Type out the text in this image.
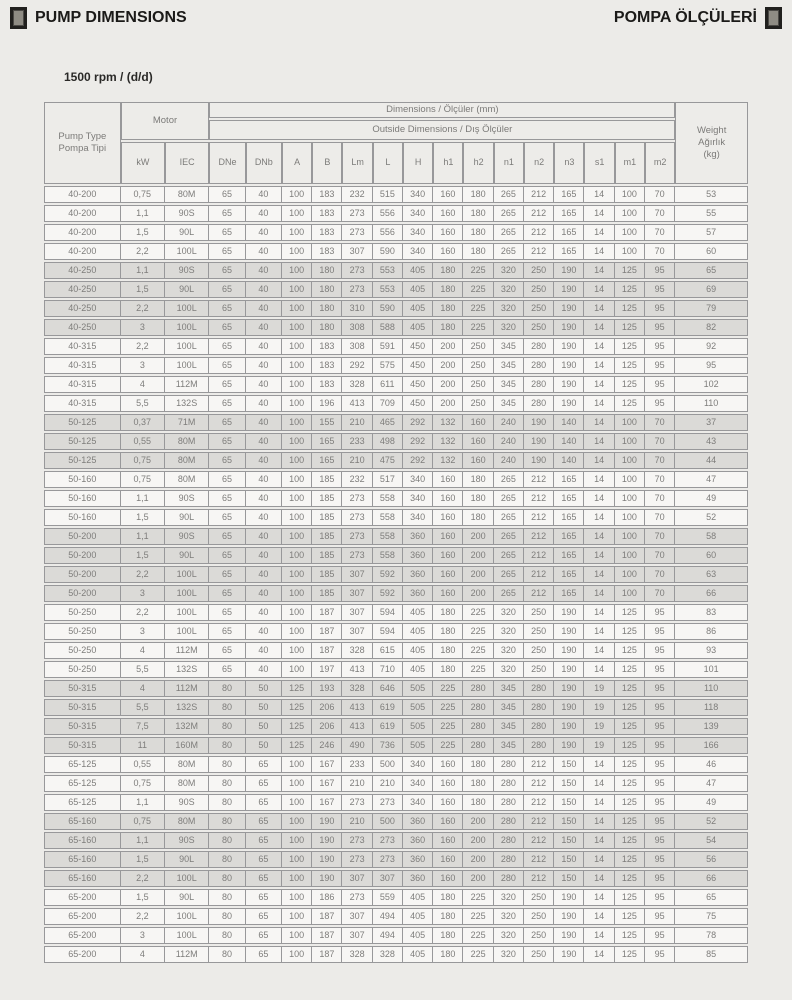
PUMP DIMENSIONS	POMPA ÖLÇÜLERİ
1500 rpm / (d/d)
Pump Type
Pompa Tipi
	Motor	Dimensions / Ölçüler (mm)	
Weight
Ağırlık
(kg)

			Outside Dimensions / Dış Ölçüler															
	kW	IEC	DNe	DNb	A	B	Lm	L	H	h1	h2	n1	n2	n3	s1	m1	m2	
40-200	0,75	80M	65	40	100	183	232	515	340	160	180	265	212	165	14	100	70	53
40-200	1,1	90S	65	40	100	183	273	556	340	160	180	265	212	165	14	100	70	55
40-200	1,5	90L	65	40	100	183	273	556	340	160	180	265	212	165	14	100	70	57
40-200	2,2	100L	65	40	100	183	307	590	340	160	180	265	212	165	14	100	70	60
40-250	1,1	90S	65	40	100	180	273	553	405	180	225	320	250	190	14	125	95	65
40-250	1,5	90L	65	40	100	180	273	553	405	180	225	320	250	190	14	125	95	69
40-250	2,2	100L	65	40	100	180	310	590	405	180	225	320	250	190	14	125	95	79
40-250	3	100L	65	40	100	180	308	588	405	180	225	320	250	190	14	125	95	82
40-315	2,2	100L	65	40	100	183	308	591	450	200	250	345	280	190	14	125	95	92
40-315	3	100L	65	40	100	183	292	575	450	200	250	345	280	190	14	125	95	95
40-315	4	112M	65	40	100	183	328	611	450	200	250	345	280	190	14	125	95	102
40-315	5,5	132S	65	40	100	196	413	709	450	200	250	345	280	190	14	125	95	110
50-125	0,37	71M	65	40	100	155	210	465	292	132	160	240	190	140	14	100	70	37
50-125	0,55	80M	65	40	100	165	233	498	292	132	160	240	190	140	14	100	70	43
50-125	0,75	80M	65	40	100	165	210	475	292	132	160	240	190	140	14	100	70	44
50-160	0,75	80M	65	40	100	185	232	517	340	160	180	265	212	165	14	100	70	47
50-160	1,1	90S	65	40	100	185	273	558	340	160	180	265	212	165	14	100	70	49
50-160	1,5	90L	65	40	100	185	273	558	340	160	180	265	212	165	14	100	70	52
50-200	1,1	90S	65	40	100	185	273	558	360	160	200	265	212	165	14	100	70	58
50-200	1,5	90L	65	40	100	185	273	558	360	160	200	265	212	165	14	100	70	60
50-200	2,2	100L	65	40	100	185	307	592	360	160	200	265	212	165	14	100	70	63
50-200	3	100L	65	40	100	185	307	592	360	160	200	265	212	165	14	100	70	66
50-250	2,2	100L	65	40	100	187	307	594	405	180	225	320	250	190	14	125	95	83
50-250	3	100L	65	40	100	187	307	594	405	180	225	320	250	190	14	125	95	86
50-250	4	112M	65	40	100	187	328	615	405	180	225	320	250	190	14	125	95	93
50-250	5,5	132S	65	40	100	197	413	710	405	180	225	320	250	190	14	125	95	101
50-315	4	112M	80	50	125	193	328	646	505	225	280	345	280	190	19	125	95	110
50-315	5,5	132S	80	50	125	206	413	619	505	225	280	345	280	190	19	125	95	118
50-315	7,5	132M	80	50	125	206	413	619	505	225	280	345	280	190	19	125	95	139
50-315	11	160M	80	50	125	246	490	736	505	225	280	345	280	190	19	125	95	166
65-125	0,55	80M	80	65	100	167	233	500	340	160	180	280	212	150	14	125	95	46
65-125	0,75	80M	80	65	100	167	210	210	340	160	180	280	212	150	14	125	95	47
65-125	1,1	90S	80	65	100	167	273	273	340	160	180	280	212	150	14	125	95	49
65-160	0,75	80M	80	65	100	190	210	500	360	160	200	280	212	150	14	125	95	52
65-160	1,1	90S	80	65	100	190	273	273	360	160	200	280	212	150	14	125	95	54
65-160	1,5	90L	80	65	100	190	273	273	360	160	200	280	212	150	14	125	95	56
65-160	2,2	100L	80	65	100	190	307	307	360	160	200	280	212	150	14	125	95	66
65-200	1,5	90L	80	65	100	186	273	559	405	180	225	320	250	190	14	125	95	65
65-200	2,2	100L	80	65	100	187	307	494	405	180	225	320	250	190	14	125	95	75
65-200	3	100L	80	65	100	187	307	494	405	180	225	320	250	190	14	125	95	78
65-200	4	112M	80	65	100	187	328	328	405	180	225	320	250	190	14	125	95	85
